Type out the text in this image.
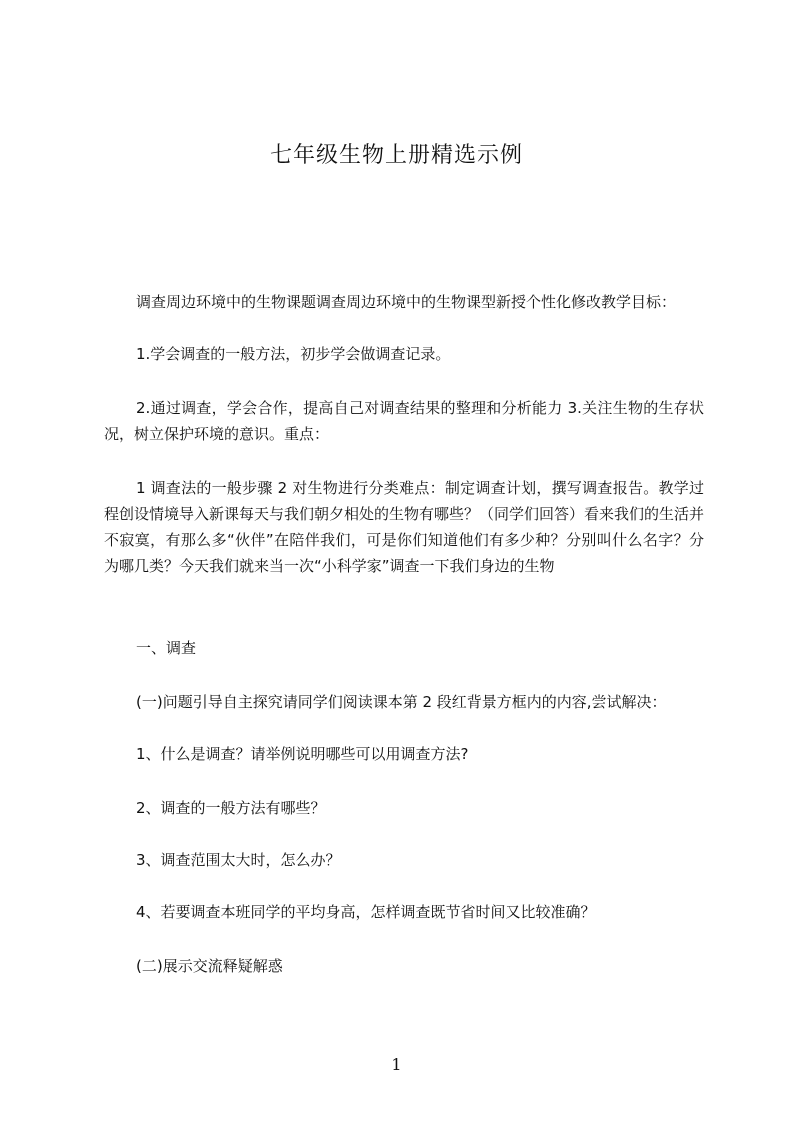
七年级生物上册精选示例
调查周边环境中的生物课题调查周边环境中的生物课型新授个性化修改教学目标：
1.学会调查的一般方法，初步学会做调查记录。
2.通过调查，学会合作，提高自己对调查结果的整理和分析能力 3.关注生物的生存状况，树立保护环境的意识。重点：
1 调查法的一般步骤 2 对生物进行分类难点：制定调查计划，撰写调查报告。教学过程创设情境导入新课每天与我们朝夕相处的生物有哪些？（同学们回答）看来我们的生活并不寂寞，有那么多“伙伴”在陪伴我们，可是你们知道他们有多少种？分别叫什么名字？分为哪几类？今天我们就来当一次“小科学家”调查一下我们身边的生物
一、调查
(一)问题引导自主探究请同学们阅读课本第 2 段红背景方框内的内容,尝试解决：
1、什么是调查？请举例说明哪些可以用调查方法?
2、调查的一般方法有哪些？
3、调查范围太大时，怎么办？
4、若要调查本班同学的平均身高，怎样调查既节省时间又比较准确？
(二)展示交流释疑解惑
1
